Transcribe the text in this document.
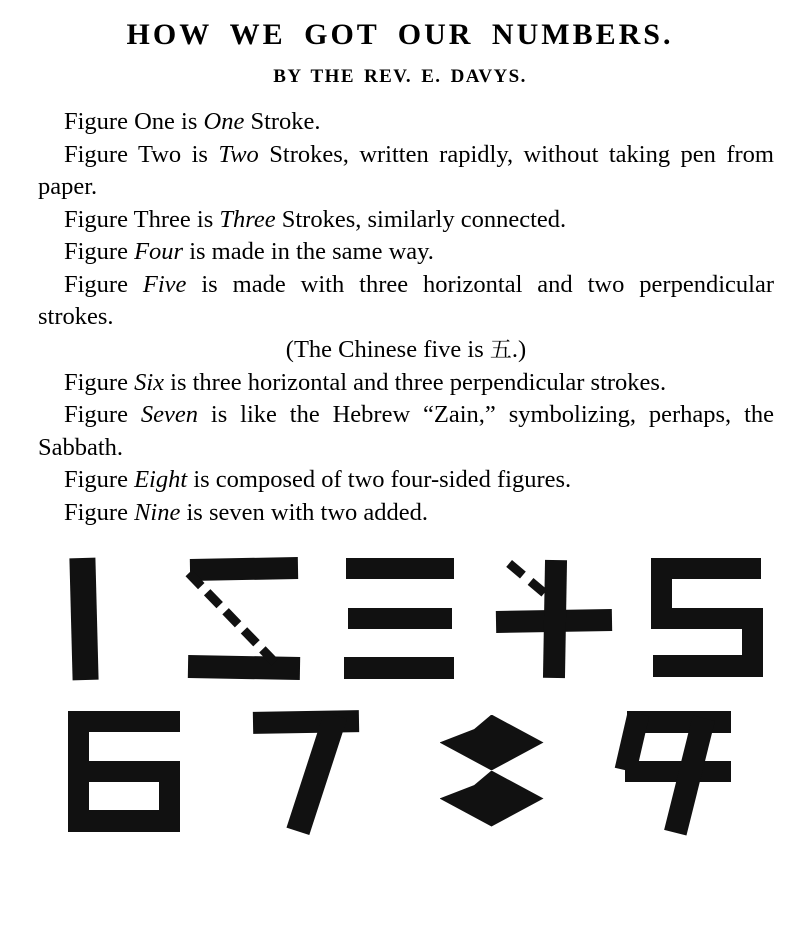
HOW WE GOT OUR NUMBERS.
BY THE REV. E. DAVYS.

Figure One is One Stroke.

Figure Two is Two Strokes, written rapidly, without taking pen from paper.

Figure Three is Three Strokes, similarly connected.

Figure Four is made in the same way.

Figure Five is made with three horizontal and two perpendicular strokes.

(The Chinese five is 五.)

Figure Six is three horizontal and three perpendicular strokes.

Figure Seven is like the Hebrew “Zain,” symbolizing, perhaps, the Sabbath.

Figure Eight is composed of two four-sided figures.

Figure Nine is seven with two added.
